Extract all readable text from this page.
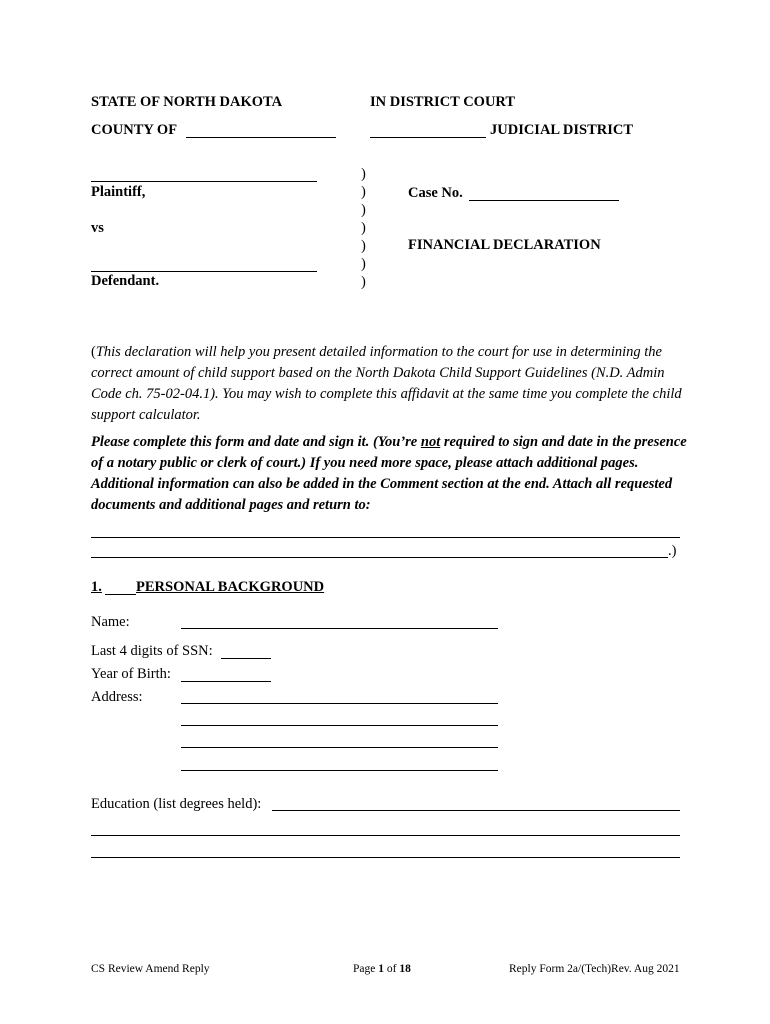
STATE OF NORTH DAKOTA	IN DISTRICT COURT
COUNTY OF	JUDICIAL DISTRICT
Plaintiff,
vs
Defendant.
)
)
)
)
)
)
)
Case No.
FINANCIAL DECLARATION
(This declaration will help you present detailed information to the court for use in determining the correct amount of child support based on the North Dakota Child Support Guidelines (N.D. Admin Code ch. 75-02-04.1). You may wish to complete this affidavit at the same time you complete the child support calculator.
Please complete this form and date and sign it. (You’re not required to sign and date in the presence of a notary public or clerk of court.) If you need more space, please attach additional pages. Additional information can also be added in the Comment section at the end. Attach all requested documents and additional pages and return to:
.)
1. PERSONAL BACKGROUND
Name:
Last 4 digits of SSN:
Year of Birth:
Address:
Education (list degrees held):
CS Review Amend Reply	Page 1 of 18	Reply Form 2a/(Tech)Rev. Aug 2021
